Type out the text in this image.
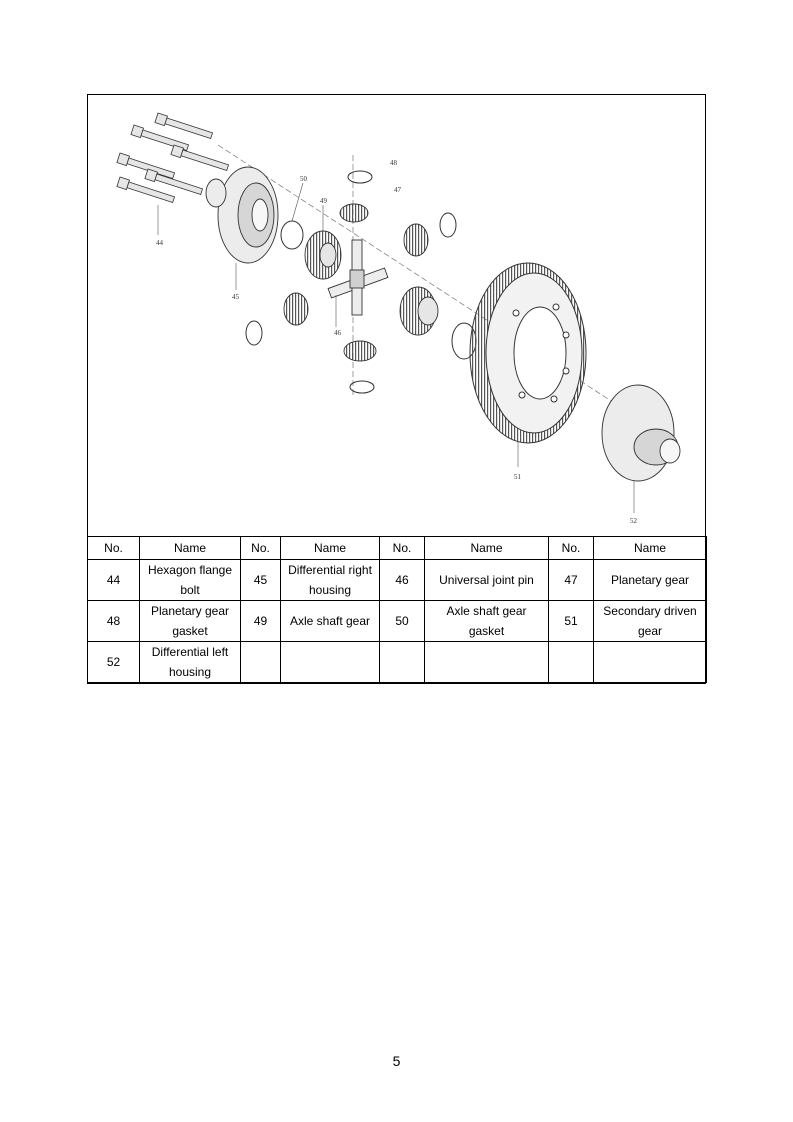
44
45
46
47
48
49
50
51
52
No.	Name	No.	Name	No.	Name	No.	Name
44	Hexagon flange bolt	45	Differential right housing	46	Universal joint pin	47	Planetary gear
48	Planetary gear gasket	49	Axle shaft gear	50	Axle shaft gear gasket	51	Secondary driven gear
52	Differential left housing						
5
